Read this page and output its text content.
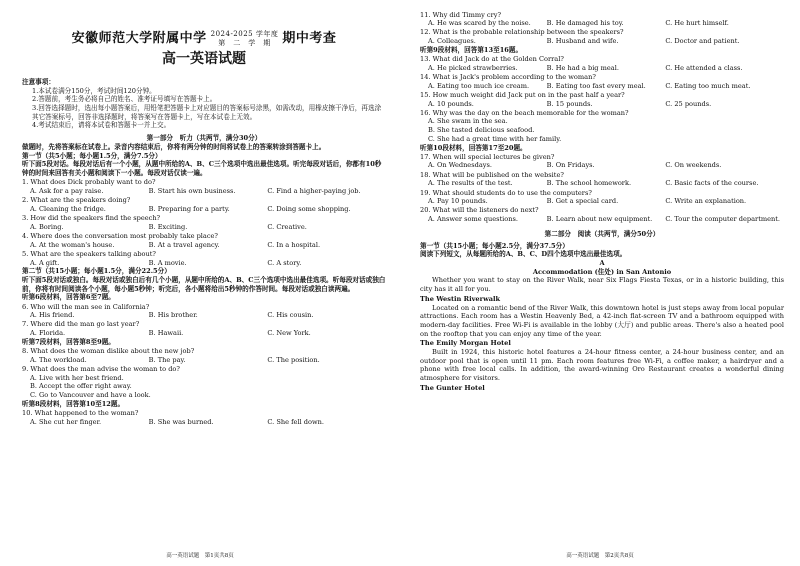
安徽师范大学附属中学 2024-2025 学年度
第　二　学　期 期中考查
高一英语试题
注意事项：
1.本试卷满分150分，考试时间120分钟。
2.答题前，考生务必将自己的姓名、准考证号填写在答题卡上。
3.回答选择题时，选出每小题答案后，用铅笔把答题卡上对应题目的答案标号涂黑，如需改动，用橡皮擦干净后，再选涂其它答案标号，回答非选择题时，将答案写在答题卡上，写在本试卷上无效。
4.考试结束后，请将本试卷和答题卡一并上交。
第一部分　听力（共两节，满分30分）
做题时，先将答案标在试卷上。录音内容结束后，你将有两分钟的时间将试卷上的答案转涂到答题卡上。
第一节（共5小题；每小题1.5分，满分7.5分）
听下面5段对话。每段对话后有一个小题，从题中所给的A、B、C三个选项中选出最佳选项。听完每段对话后，你都有10秒钟的时间来回答有关小题和阅读下一小题。每段对话仅读一遍。
1. What does Dick probably want to do?
A. Ask for a pay raise.	B. Start his own business.	C. Find a higher-paying job.
2. What are the speakers doing?
A. Cleaning the fridge.	B. Preparing for a party.	C. Doing some shopping.
3. How did the speakers find the speech?
A. Boring.	B. Exciting.	C. Creative.
4. Where does the conversation most probably take place?
A. At the woman's house.	B. At a travel agency.	C. In a hospital.
5. What are the speakers talking about?
A. A gift.	B. A movie.	C. A story.
第二节（共15小题；每小题1.5分，满分22.5分）
听下面5段对话或独白。每段对话或独白后有几个小题，从题中所给的A、B、C三个选项中选出最佳选项。听每段对话或独白前，你将有时间阅读各个小题，每小题5秒钟；听完后，各小题将给出5秒钟的作答时间。每段对话或独白读两遍。
听第6段材料，回答第6至7题。
6. Who will the man see in California?
A. His friend.	B. His brother.	C. His cousin.
7. Where did the man go last year?
A. Florida.	B. Hawaii.	C. New York.
听第7段材料，回答第8至9题。
8. What does the woman dislike about the new job?
A. The workload.	B. The pay.	C. The position.
9. What does the man advise the woman to do?
A. Live with her best friend.
B. Accept the offer right away.
C. Go to Vancouver and have a look.
听第8段材料，回答第10至12题。
10. What happened to the woman?
A. She cut her finger.	B. She was burned.	C. She fell down.
高一英语试题　第1页共8页
11. Why did Timmy cry?
A. He was scared by the noise.	B. He damaged his toy.	C. He hurt himself.
12. What is the probable relationship between the speakers?
A. Colleagues.	B. Husband and wife.	C. Doctor and patient.
听第9段材料，回答第13至16题。
13. What did Jack do at the Golden Corral?
A. He picked strawberries.	B. He had a big meal.	C. He attended a class.
14. What is Jack's problem according to the woman?
A. Eating too much ice cream.	B. Eating too fast every meal.	C. Eating too much meat.
15. How much weight did Jack put on in the past half a year?
A. 10 pounds.	B. 15 pounds.	C. 25 pounds.
16. Why was the day on the beach memorable for the woman?
A. She swam in the sea.
B. She tasted delicious seafood.
C. She had a great time with her family.
听第10段材料，回答第17至20题。
17. When will special lectures be given?
A. On Wednesdays.	B. On Fridays.	C. On weekends.
18. What will be published on the website?
A. The results of the test.	B. The school homework.	C. Basic facts of the course.
19. What should students do to use the computers?
A. Pay 10 pounds.	B. Get a special card.	C. Write an explanation.
20. What will the listeners do next?
A. Answer some questions.	B. Learn about new equipment.	C. Tour the computer department.
第二部分　阅读（共两节，满分50分）
第一节（共15小题；每小题2.5分，满分37.5分）
阅读下列短文，从每题所给的A、B、C、D四个选项中选出最佳选项。
A
Accommodation (住处) in San Antonio
Whether you want to stay on the River Walk, near Six Flags Fiesta Texas, or in a historic building, this city has it all for you.
The Westin Riverwalk
Located on a romantic bend of the River Walk, this downtown hotel is just steps away from local popular attractions. Each room has a Westin Heavenly Bed, a 42-inch flat-screen TV and a bathroom equipped with modern-day facilities. Free Wi-Fi is available in the lobby (大厅) and public areas. There's also a heated pool on the rooftop that you can enjoy any time of the year.
The Emily Morgan Hotel
Built in 1924, this historic hotel features a 24-hour fitness center, a 24-hour business center, and an outdoor pool that is open until 11 pm. Each room features free Wi-Fi, a coffee maker, a hairdryer and a phone with free local calls. In addition, the award-winning Oro Restaurant creates a wonderful dining atmosphere for visitors.
The Gunter Hotel
高一英语试题　第2页共8页
